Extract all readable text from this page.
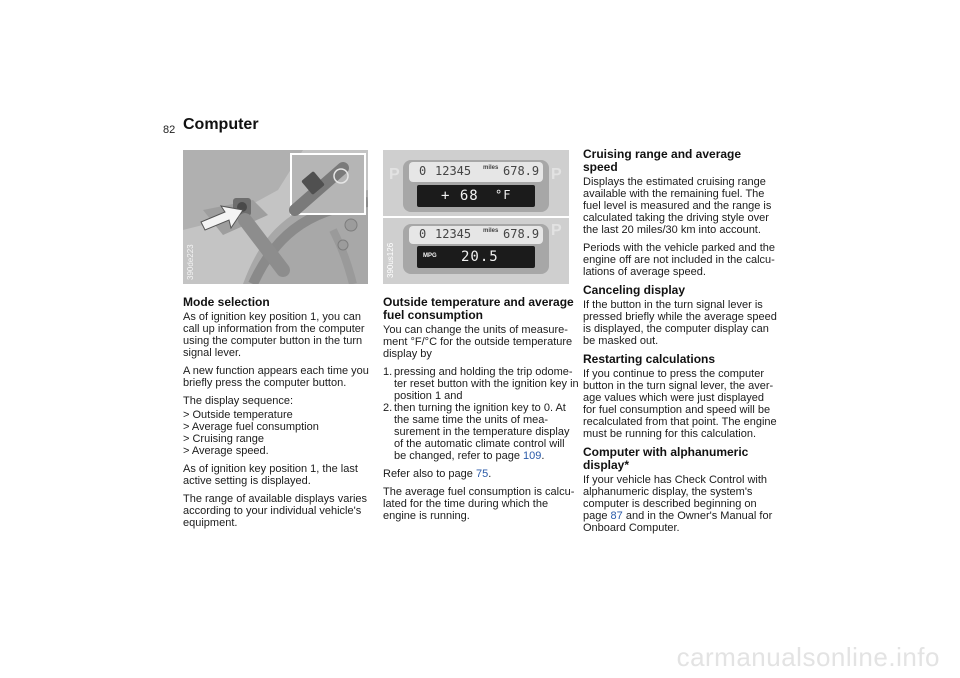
82 Computer
390de223
P	P
P
0 12345 miles 678.9
+ 68 °F
0 12345 miles 678.9
MPG 20.5
390us126
Mode selection

As of ignition key position 1, you can call up information from the computer using the computer button in the turn signal lever.

A new function appears each time you briefly press the computer button.

The display sequence:

> Outside temperature
> Average fuel consumption
> Cruising range
> Average speed.

As of ignition key position 1, the last active setting is displayed.

The range of available displays varies according to your individual vehicle's equipment.

Outside temperature and average fuel consumption

You can change the units of measure-ment °F/°C for the outside temperature display by

1. pressing and holding the trip odome-ter reset button with the ignition key in position 1 and
2. then turning the ignition key to 0. At the same time the units of mea-surement in the temperature display of the automatic climate control will be changed, refer to page 109.

Refer also to page 75.

The average fuel consumption is calcu-lated for the time during which the engine is running.

Cruising range and average speed

Displays the estimated cruising range available with the remaining fuel. The fuel level is measured and the range is calculated taking the driving style over the last 20 miles/30 km into account.

Periods with the vehicle parked and the engine off are not included in the calcu-lations of average speed.

Canceling display

If the button in the turn signal lever is pressed briefly while the average speed is displayed, the computer display can be masked out.

Restarting calculations

If you continue to press the computer button in the turn signal lever, the aver-age values which were just displayed for fuel consumption and speed will be recalculated from that point. The engine must be running for this calculation.

Computer with alphanumeric display*

If your vehicle has Check Control with alphanumeric display, the system's computer is described beginning on page 87 and in the Owner's Manual for Onboard Computer.

carmanualsonline.info
